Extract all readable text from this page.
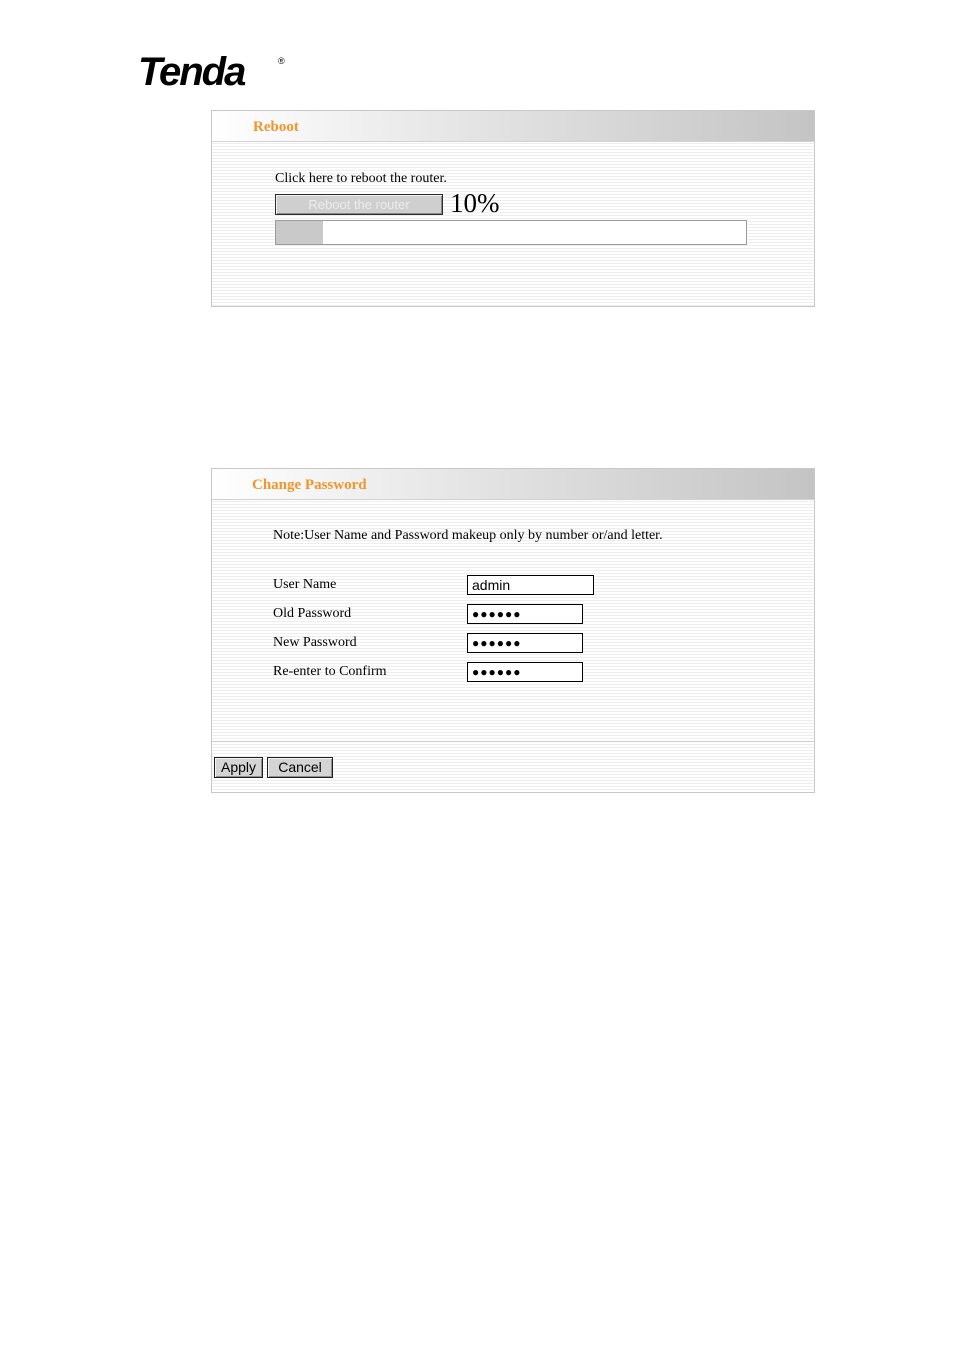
Tenda	®
Reboot
Click here to reboot the router.
Reboot the router	10%
Change Password
Note:User Name and Password makeup only by number or/and letter.
User Name	admin
Old Password	●●●●●●
New Password	●●●●●●
Re-enter to Confirm	●●●●●●
Apply	Cancel
